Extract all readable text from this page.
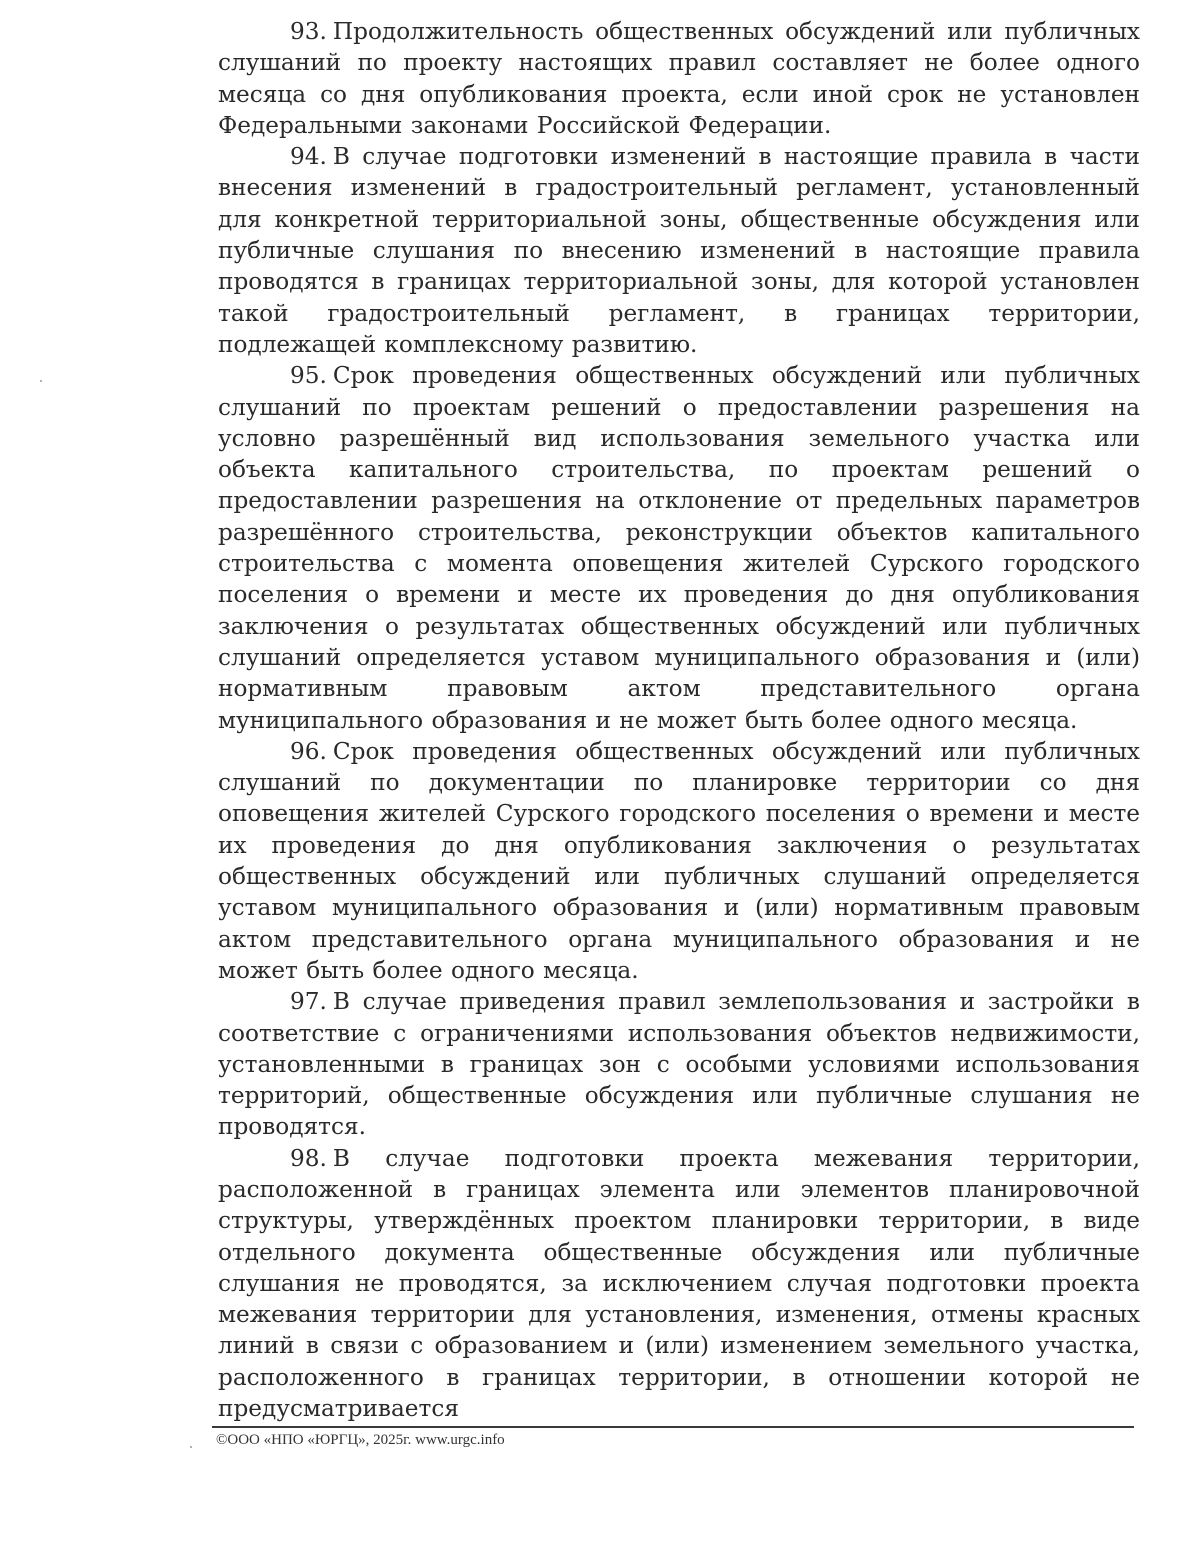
93. Продолжительность общественных обсуждений или публичных слушаний по проекту настоящих правил составляет не более одного месяца со дня опубликования проекта, если иной срок не установлен Федеральными законами Российской Федерации.

94. В случае подготовки изменений в настоящие правила в части внесения изменений в градостроительный регламент, установленный для конкретной территориальной зоны, общественные обсуждения или публичные слушания по внесению изменений в настоящие правила проводятся в границах территориальной зоны, для которой установлен такой градостроительный регламент, в границах территории, подлежащей комплексному развитию.

95. Срок проведения общественных обсуждений или публичных слушаний по проектам решений о предоставлении разрешения на условно разрешённый вид использования земельного участка или объекта капитального строительства, по проектам решений о предоставлении разрешения на отклонение от предельных параметров разрешённого строительства, реконструкции объектов капитального строительства с момента оповещения жителей Сурского городского поселения о времени и месте их проведения до дня опубликования заключения о результатах общественных обсуждений или публичных слушаний определяется уставом муниципального образования и (или) нормативным правовым актом представительного органа муниципального образования и не может быть более одного месяца.

96. Срок проведения общественных обсуждений или публичных слушаний по документации по планировке территории со дня оповещения жителей Сурского городского поселения о времени и месте их проведения до дня опубликования заключения о результатах общественных обсуждений или публичных слушаний определяется уставом муниципального образования и (или) нормативным правовым актом представительного органа муниципального образования и не может быть более одного месяца.

97. В случае приведения правил землепользования и застройки в соответствие с ограничениями использования объектов недвижимости, установленными в границах зон с особыми условиями использования территорий, общественные обсуждения или публичные слушания не проводятся.

98. В случае подготовки проекта межевания территории, расположенной в границах элемента или элементов планировочной структуры, утверждённых проектом планировки территории, в виде отдельного документа общественные обсуждения или публичные слушания не проводятся, за исключением случая подготовки проекта межевания территории для установления, изменения, отмены красных линий в связи с образованием и (или) изменением земельного участка, расположенного в границах территории, в отношении которой не предусматривается

©ООО «НПО «ЮРГЦ», 2025г. www.urgc.info
